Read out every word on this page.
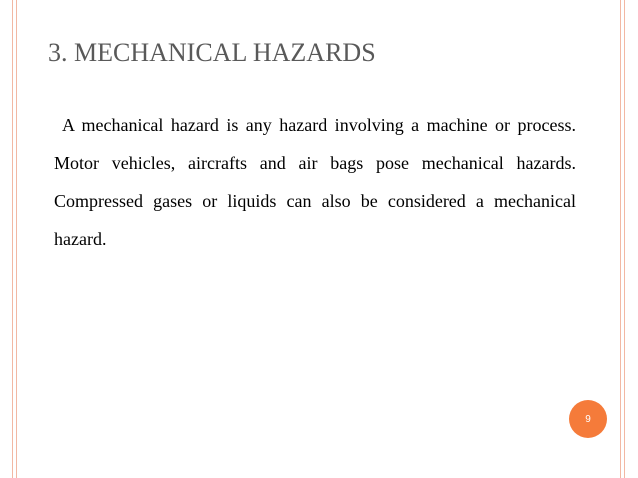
3. MECHANICAL HAZARDS

A mechanical hazard is any hazard involving a machine or process. Motor vehicles, aircrafts and air bags pose mechanical hazards. Compressed gases or liquids can also be considered a mechanical hazard.

9
